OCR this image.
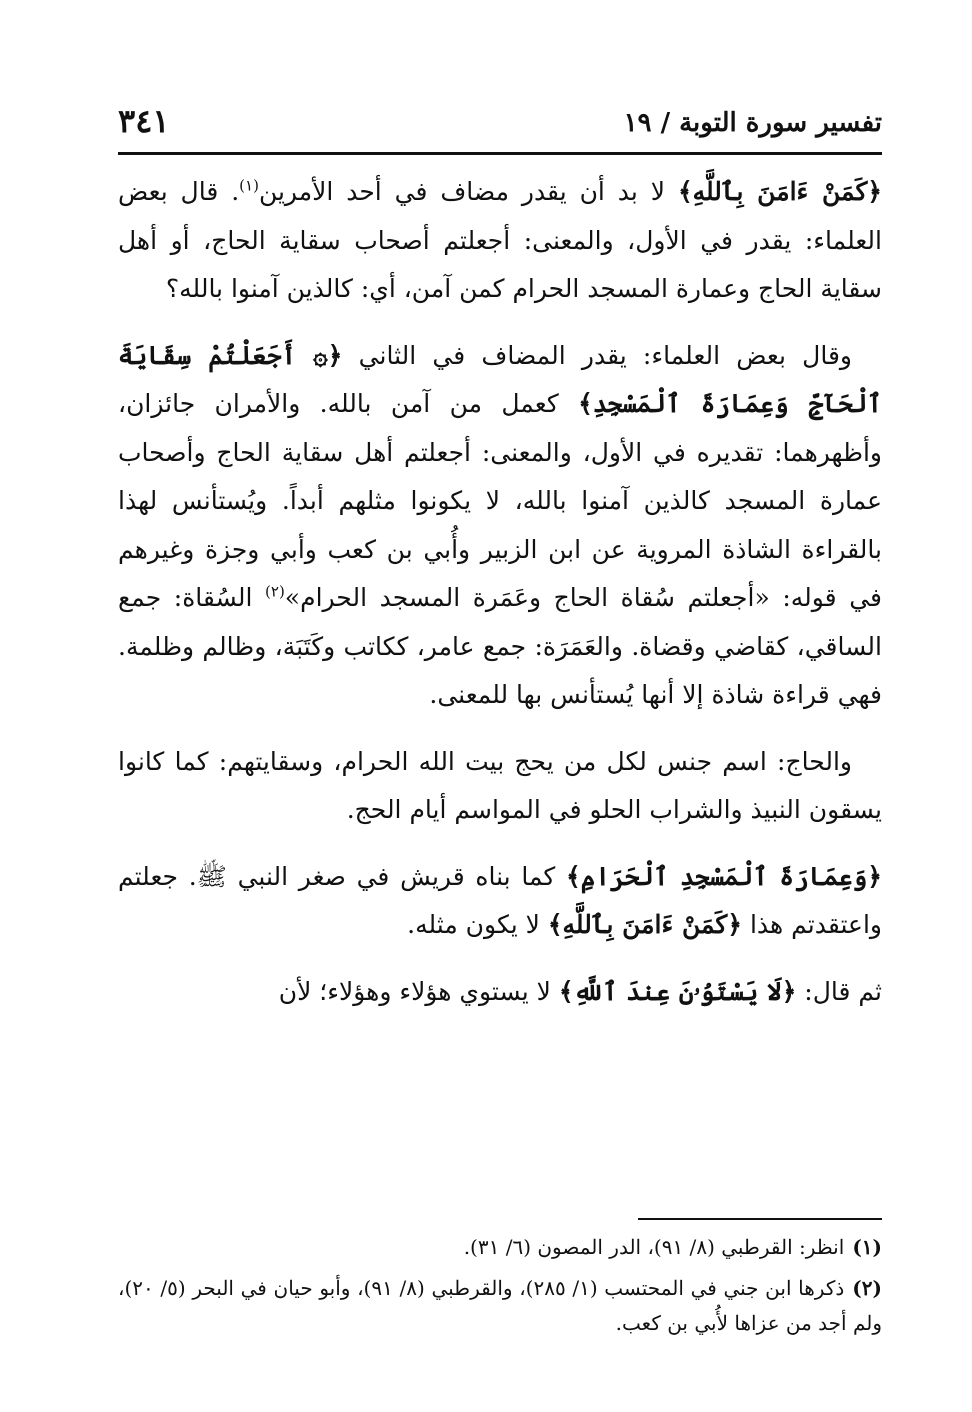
تفسير سورة التوبة / ١٩
٣٤١

﴿كَمَنْ ءَامَنَ بِٱللَّهِ﴾ لا بد أن يقدر مضاف في أحد الأمرين$^{(١)}$. قال بعض العلماء: يقدر في الأول، والمعنى: أجعلتم أصحاب سقاية الحاج، أو أهل سقاية الحاج وعمارة المسجد الحرام كمن آمن، أي: كالذين آمنوا بالله؟

وقال بعض العلماء: يقدر المضاف في الثاني ﴿۞ أَجَعَلْتُمْ سِقَايَةَ ٱلْحَآجِّ وَعِمَارَةَ ٱلْمَسْجِدِ﴾ كعمل من آمن بالله. والأمران جائزان، وأظهرهما: تقديره في الأول، والمعنى: أجعلتم أهل سقاية الحاج وأصحاب عمارة المسجد كالذين آمنوا بالله، لا يكونوا مثلهم أبداً. ويُستأنس لهذا بالقراءة الشاذة المروية عن ابن الزبير وأُبي بن كعب وأبي وجزة وغيرهم في قوله: «أجعلتم سُقاة الحاج وعَمَرة المسجد الحرام»$^{(٢)}$ السُقاة: جمع الساقي، كقاضي وقضاة. والعَمَرَة: جمع عامر، ككاتب وكَتَبَة، وظالم وظلمة. فهي قراءة شاذة إلا أنها يُستأنس بها للمعنى.

والحاج: اسم جنس لكل من يحج بيت الله الحرام، وسقايتهم: كما كانوا يسقون النبيذ والشراب الحلو في المواسم أيام الحج.

﴿وَعِمَارَةَ ٱلْمَسْجِدِ ٱلْحَرَامِ﴾ كما بناه قريش في صغر النبي ﷺ. جعلتم واعتقدتم هذا ﴿كَمَنْ ءَامَنَ بِٱللَّهِ﴾ لا يكون مثله.

ثم قال: ﴿لَا يَسْتَوُۥنَ عِندَ ٱللَّهِ﴾ لا يستوي هؤلاء وهؤلاء؛ لأن

(١)انظر: القرطبي (٨/ ٩١)، الدر المصون (٦/ ٣١).

(٢)ذكرها ابن جني في المحتسب (١/ ٢٨٥)، والقرطبي (٨/ ٩١)، وأبو حيان في البحر (٥/ ٢٠)، ولم أجد من عزاها لأُبي بن كعب.
